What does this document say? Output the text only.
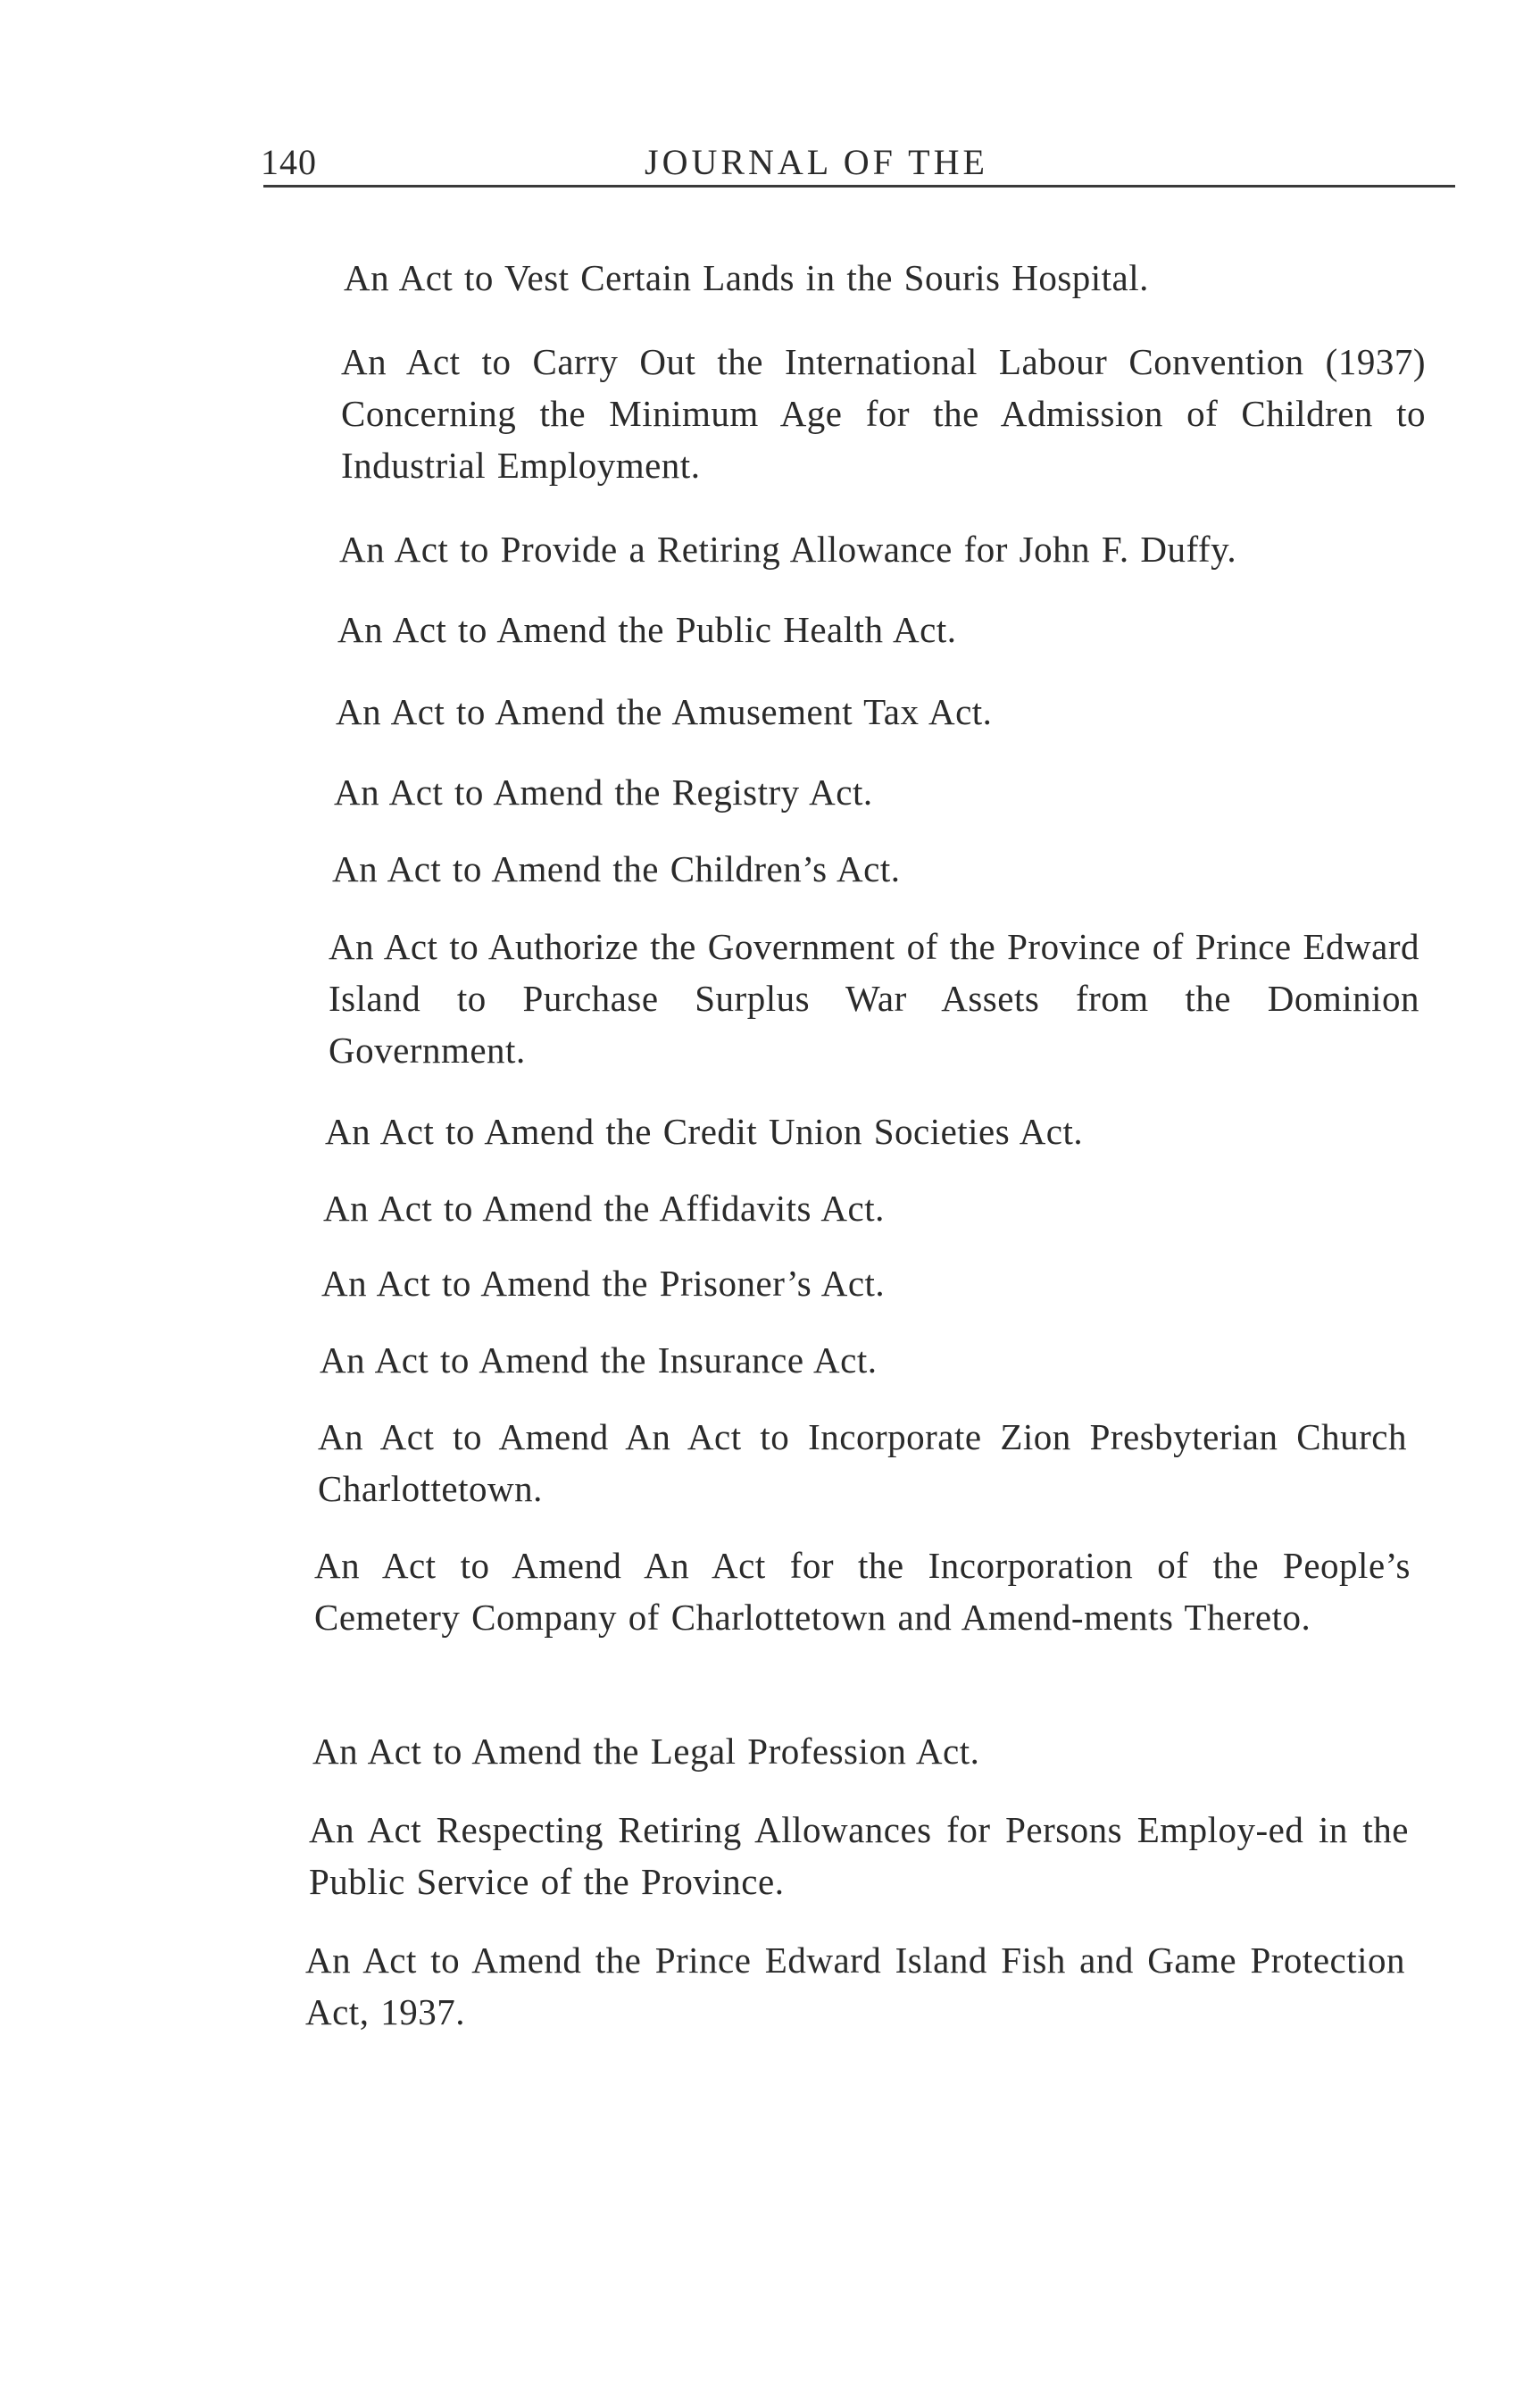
140	JOURNAL OF THE
An Act to Vest Certain Lands in the Souris Hospital.
An Act to Carry Out the International Labour Convention (1937) Concerning the Minimum Age for the Admission of Children to Industrial Employment.
An Act to Provide a Retiring Allowance for John F. Duffy.
An Act to Amend the Public Health Act.
An Act to Amend the Amusement Tax Act.
An Act to Amend the Registry Act.
An Act to Amend the Children’s Act.
An Act to Authorize the Government of the Province of Prince Edward Island to Purchase Surplus War Assets from the Dominion Government.
An Act to Amend the Credit Union Societies Act.
An Act to Amend the Affidavits Act.
An Act to Amend the Prisoner’s Act.
An Act to Amend the Insurance Act.
An Act to Amend An Act to Incorporate Zion Presbyterian Church Charlottetown.
An Act to Amend An Act for the Incorporation of the People’s Cemetery Company of Charlottetown and Amend-ments Thereto.
An Act to Amend the Legal Profession Act.
An Act Respecting Retiring Allowances for Persons Employ-ed in the Public Service of the Province.
An Act to Amend the Prince Edward Island Fish and Game Protection Act, 1937.
